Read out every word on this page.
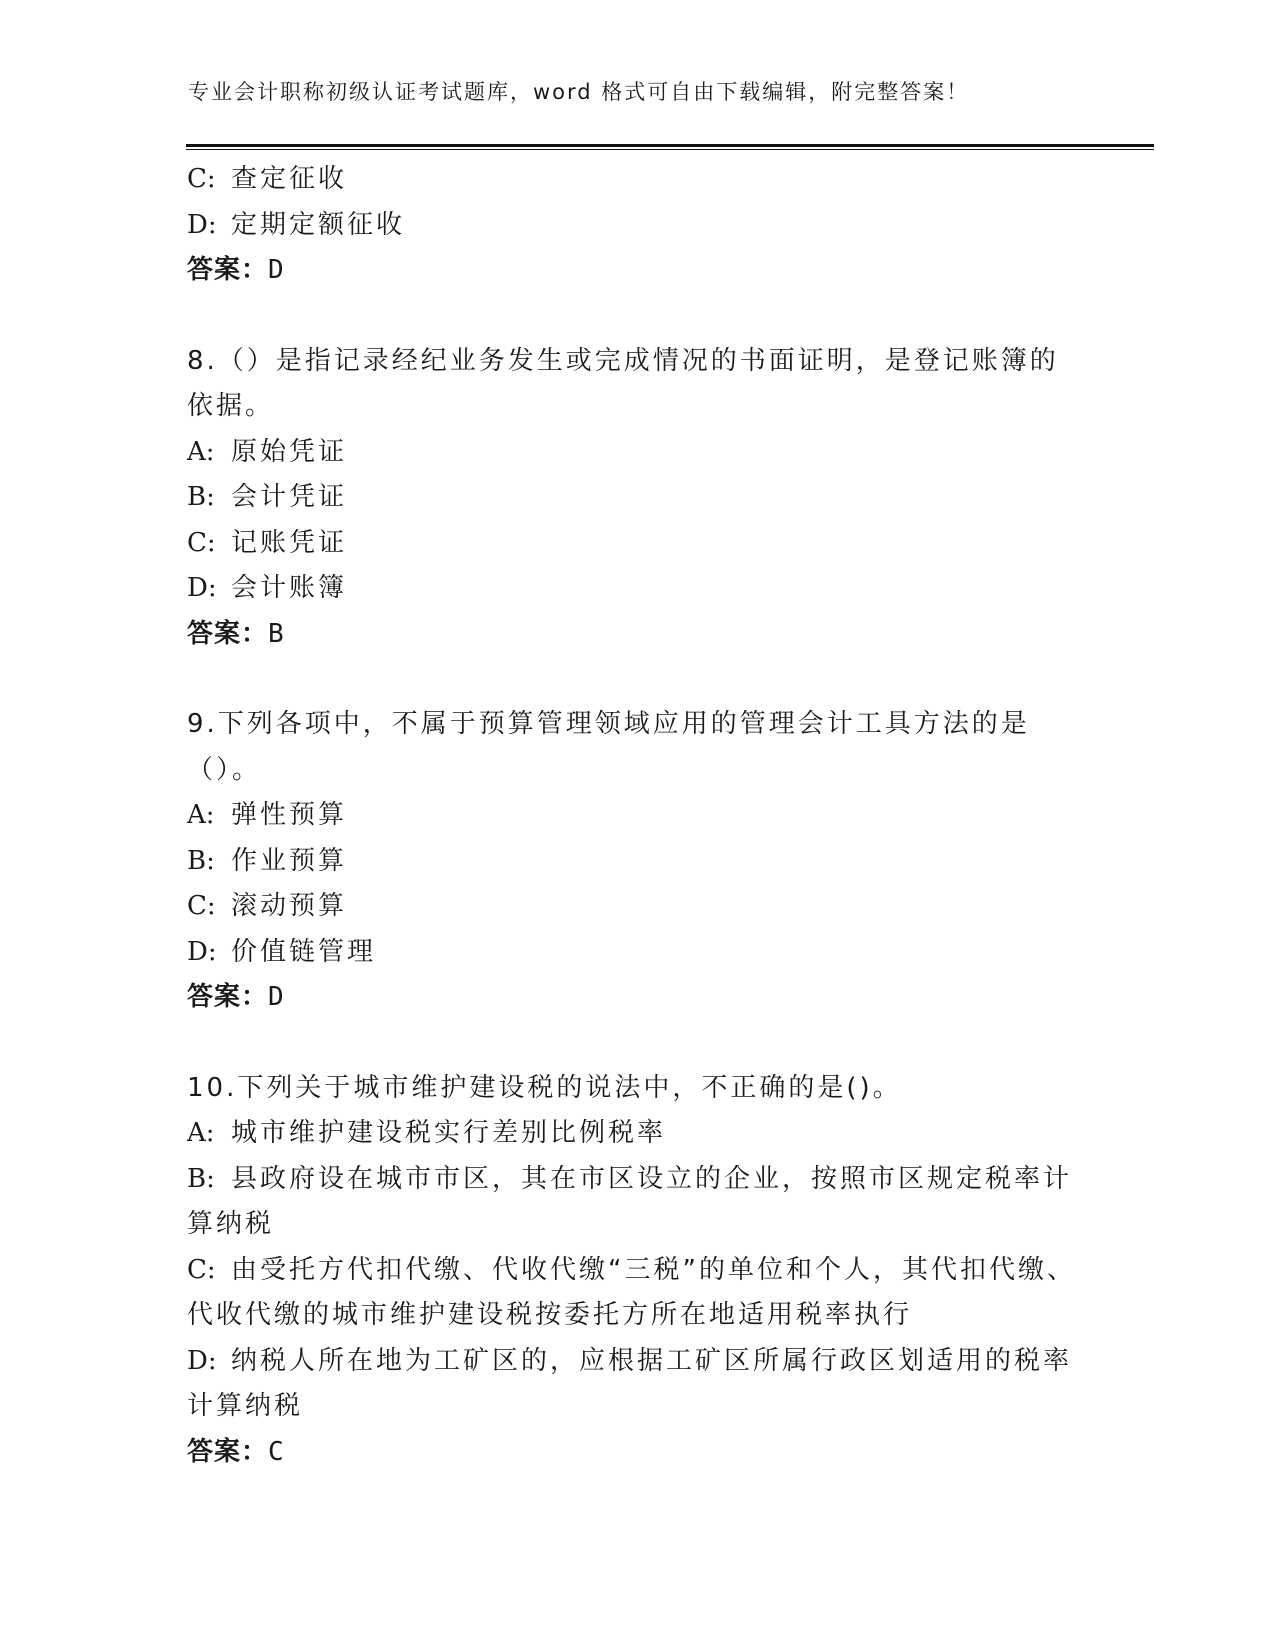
专业会计职称初级认证考试题库，word 格式可自由下载编辑，附完整答案！
C: 查定征收
D: 定期定额征收
答案：D
8.（）是指记录经纪业务发生或完成情况的书面证明，是登记账簿的依据。
A: 原始凭证
B: 会计凭证
C: 记账凭证
D: 会计账簿
答案：B
9.下列各项中，不属于预算管理领域应用的管理会计工具方法的是（）。
A: 弹性预算
B: 作业预算
C: 滚动预算
D: 价值链管理
答案：D
10.下列关于城市维护建设税的说法中，不正确的是()。
A: 城市维护建设税实行差别比例税率
B: 县政府设在城市市区，其在市区设立的企业，按照市区规定税率计算纳税
C: 由受托方代扣代缴、代收代缴“三税”的单位和个人，其代扣代缴、代收代缴的城市维护建设税按委托方所在地适用税率执行
D: 纳税人所在地为工矿区的，应根据工矿区所属行政区划适用的税率计算纳税
答案：C
